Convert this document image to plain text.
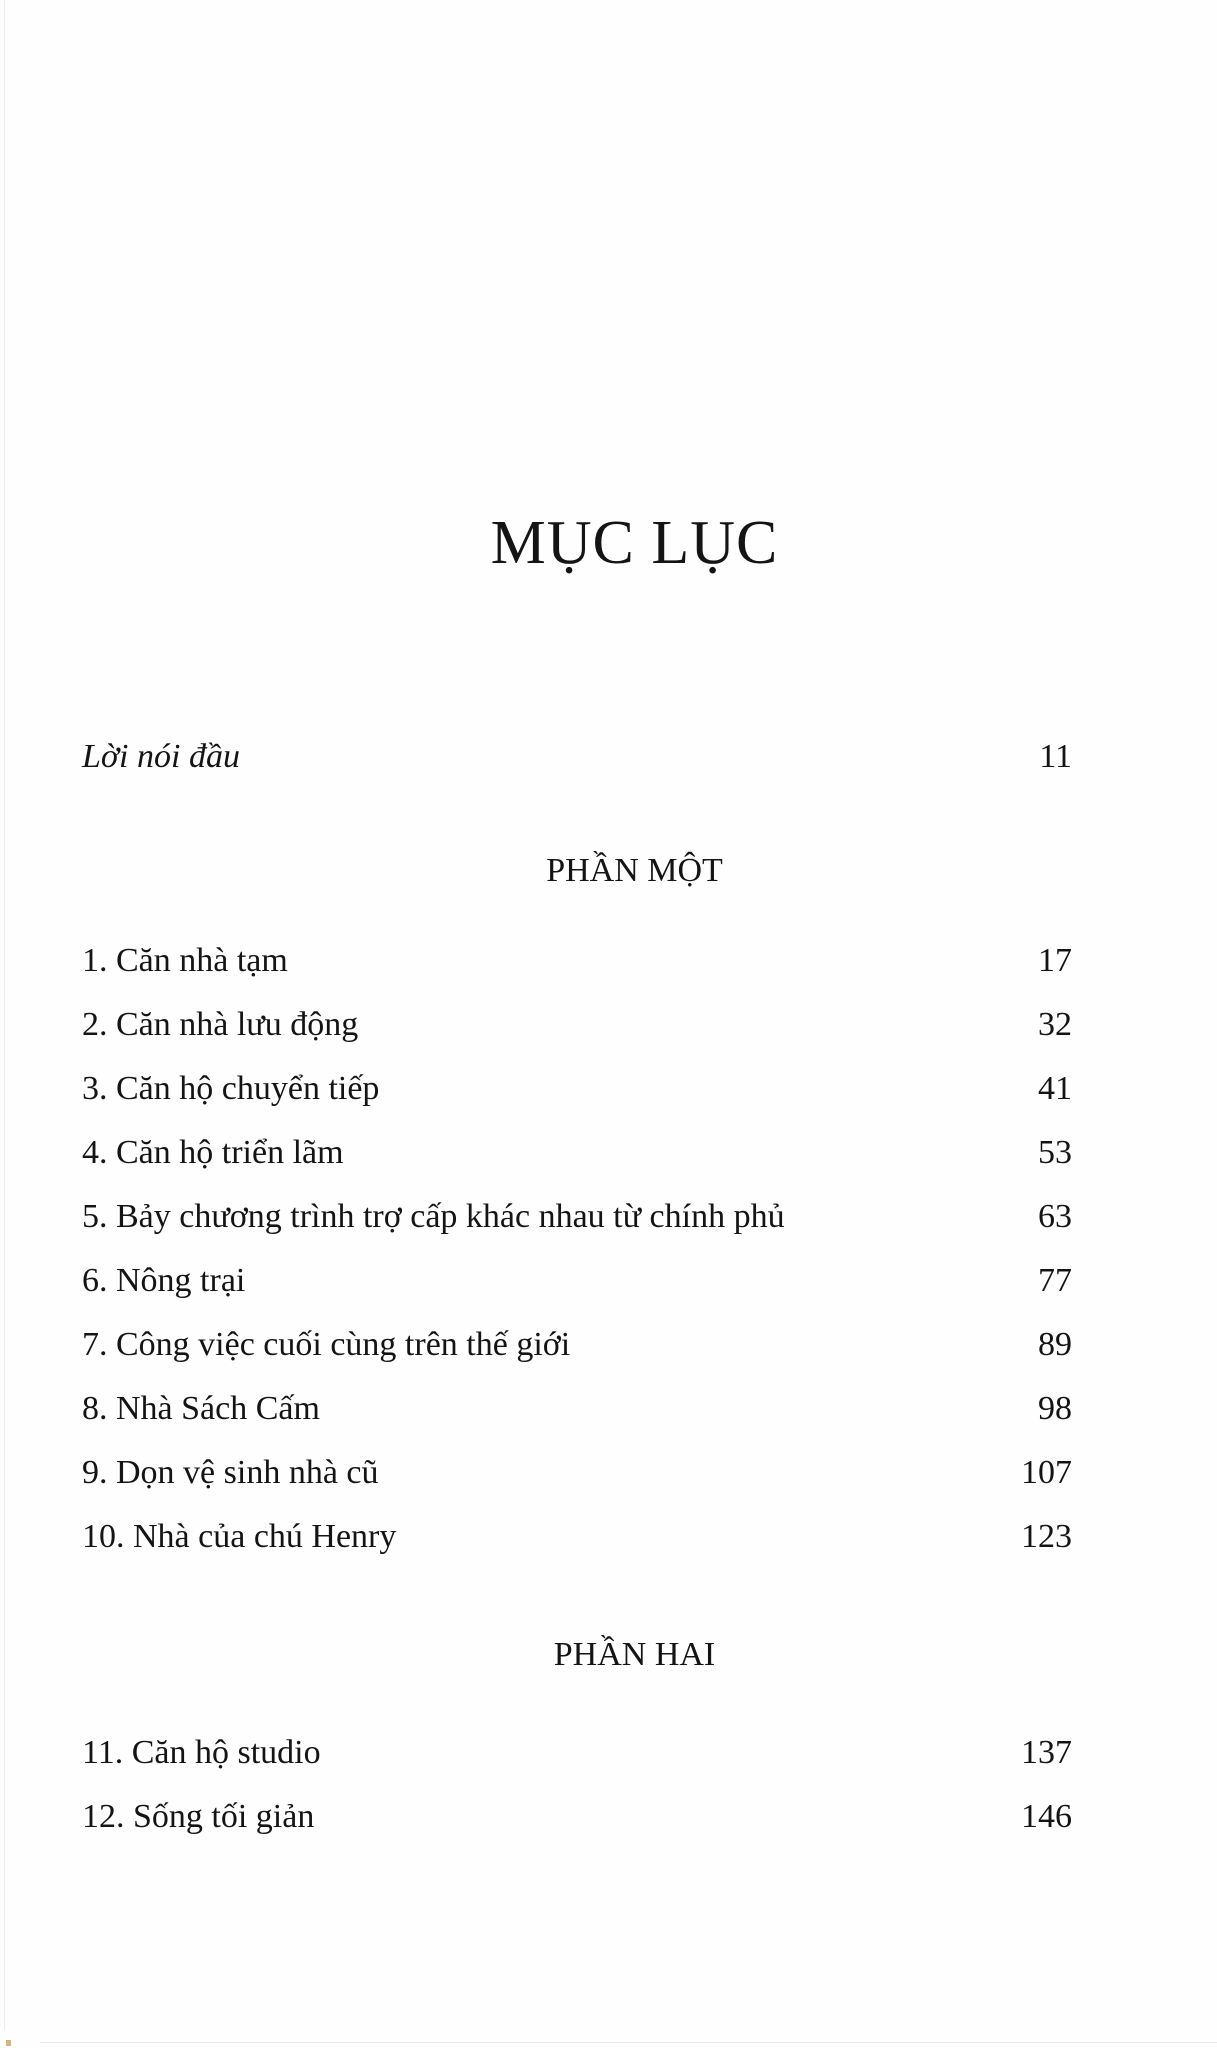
MỤC LỤC
Lời nói đầu	11
PHẦN MỘT
1. Căn nhà tạm	17
2. Căn nhà lưu động	32
3. Căn hộ chuyển tiếp	41
4. Căn hộ triển lãm	53
5. Bảy chương trình trợ cấp khác nhau từ chính phủ	63
6. Nông trại	77
7. Công việc cuối cùng trên thế giới	89
8. Nhà Sách Cấm	98
9. Dọn vệ sinh nhà cũ	107
10. Nhà của chú Henry	123
PHẦN HAI
11. Căn hộ studio	137
12. Sống tối giản	146
